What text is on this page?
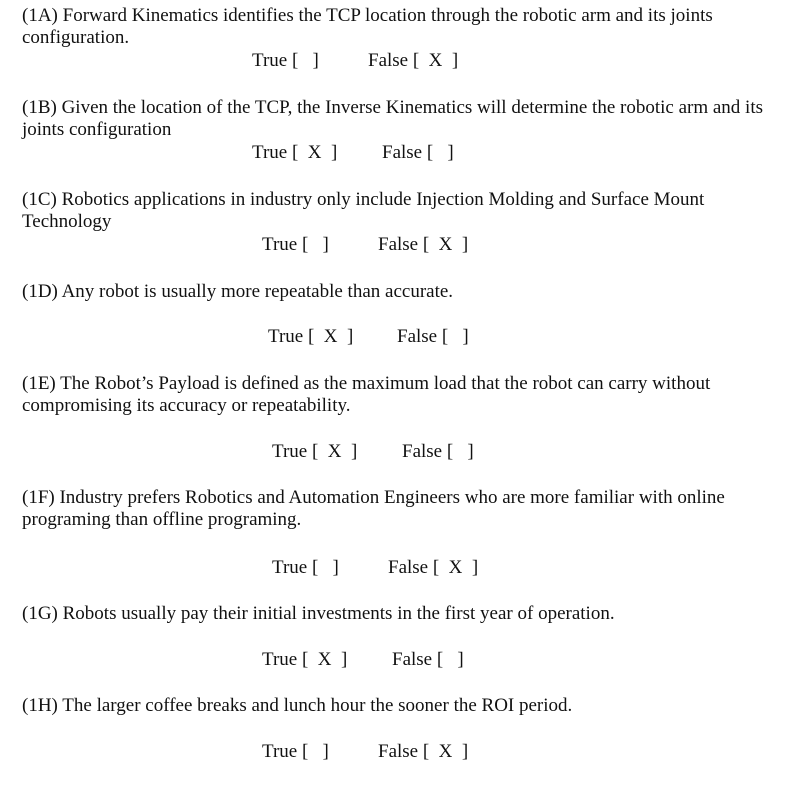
(1A) Forward Kinematics identifies the TCP location through the robotic arm and its joints configuration.

True [   ]

	False [  X  ]

(1B) Given the location of the TCP, the Inverse Kinematics will determine the robotic arm and its joints configuration

True [  X  ]

False [   ]

(1C) Robotics applications in industry only include Injection Molding and Surface Mount Technology

True [   ]

	False [  X  ]

(1D) Any robot is usually more repeatable than accurate.

True [  X  ]

False [   ]

(1E) The Robot’s Payload is defined as the maximum load that the robot can carry without compromising its accuracy or repeatability.

True [  X  ]

False [   ]

(1F) Industry prefers Robotics and Automation Engineers who are more familiar with online programing than offline programing.

True [   ]

	False [  X  ]

(1G) Robots usually pay their initial investments in the first year of operation.

True [  X  ]

False [   ]

(1H) The larger coffee breaks and lunch hour the sooner the ROI period.

True [   ]

	False [  X  ]
